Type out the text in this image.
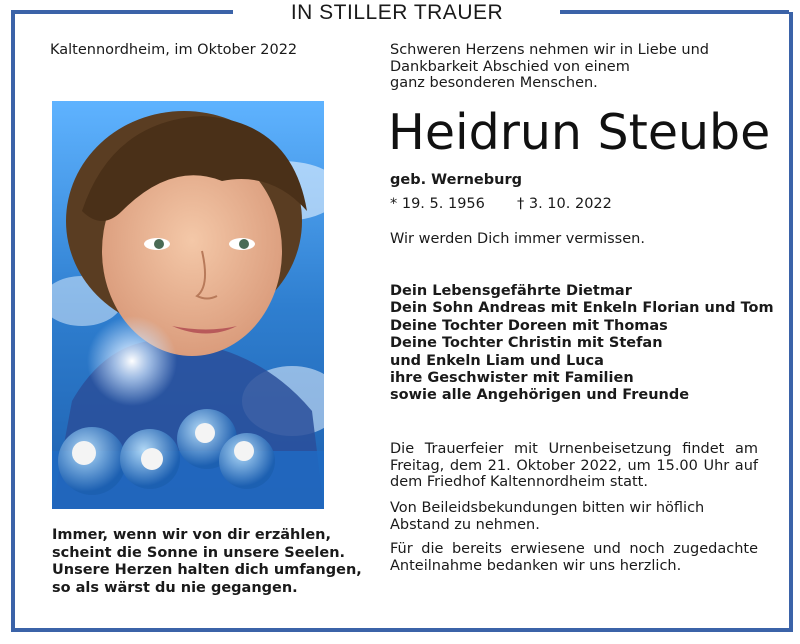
IN STILLER TRAUER
Kaltennordheim, im Oktober 2022
Immer, wenn wir von dir erzählen,
scheint die Sonne in unsere Seelen.
Unsere Herzen halten dich umfangen,
so als wärst du nie gegangen.
Schweren Herzens nehmen wir in Liebe und
Dankbarkeit Abschied von einem
ganz besonderen Menschen.
Heidrun Steube
geb. Werneburg
* 19. 5. 1956 † 3. 10. 2022
Wir werden Dich immer vermissen.
Dein Lebensgefährte Dietmar
Dein Sohn Andreas mit Enkeln Florian und Tom
Deine Tochter Doreen mit Thomas
Deine Tochter Christin mit Stefan
und Enkeln Liam und Luca
ihre Geschwister mit Familien
sowie alle Angehörigen und Freunde
Die Trauerfeier mit Urnenbeisetzung findet am
Freitag, dem 21. Oktober 2022, um 15.00 Uhr auf
dem Friedhof Kaltennordheim statt.
Von Beileidsbekundungen bitten wir höflich
Abstand zu nehmen.
Für die bereits erwiesene und noch zugedachte
Anteilnahme bedanken wir uns herzlich.
